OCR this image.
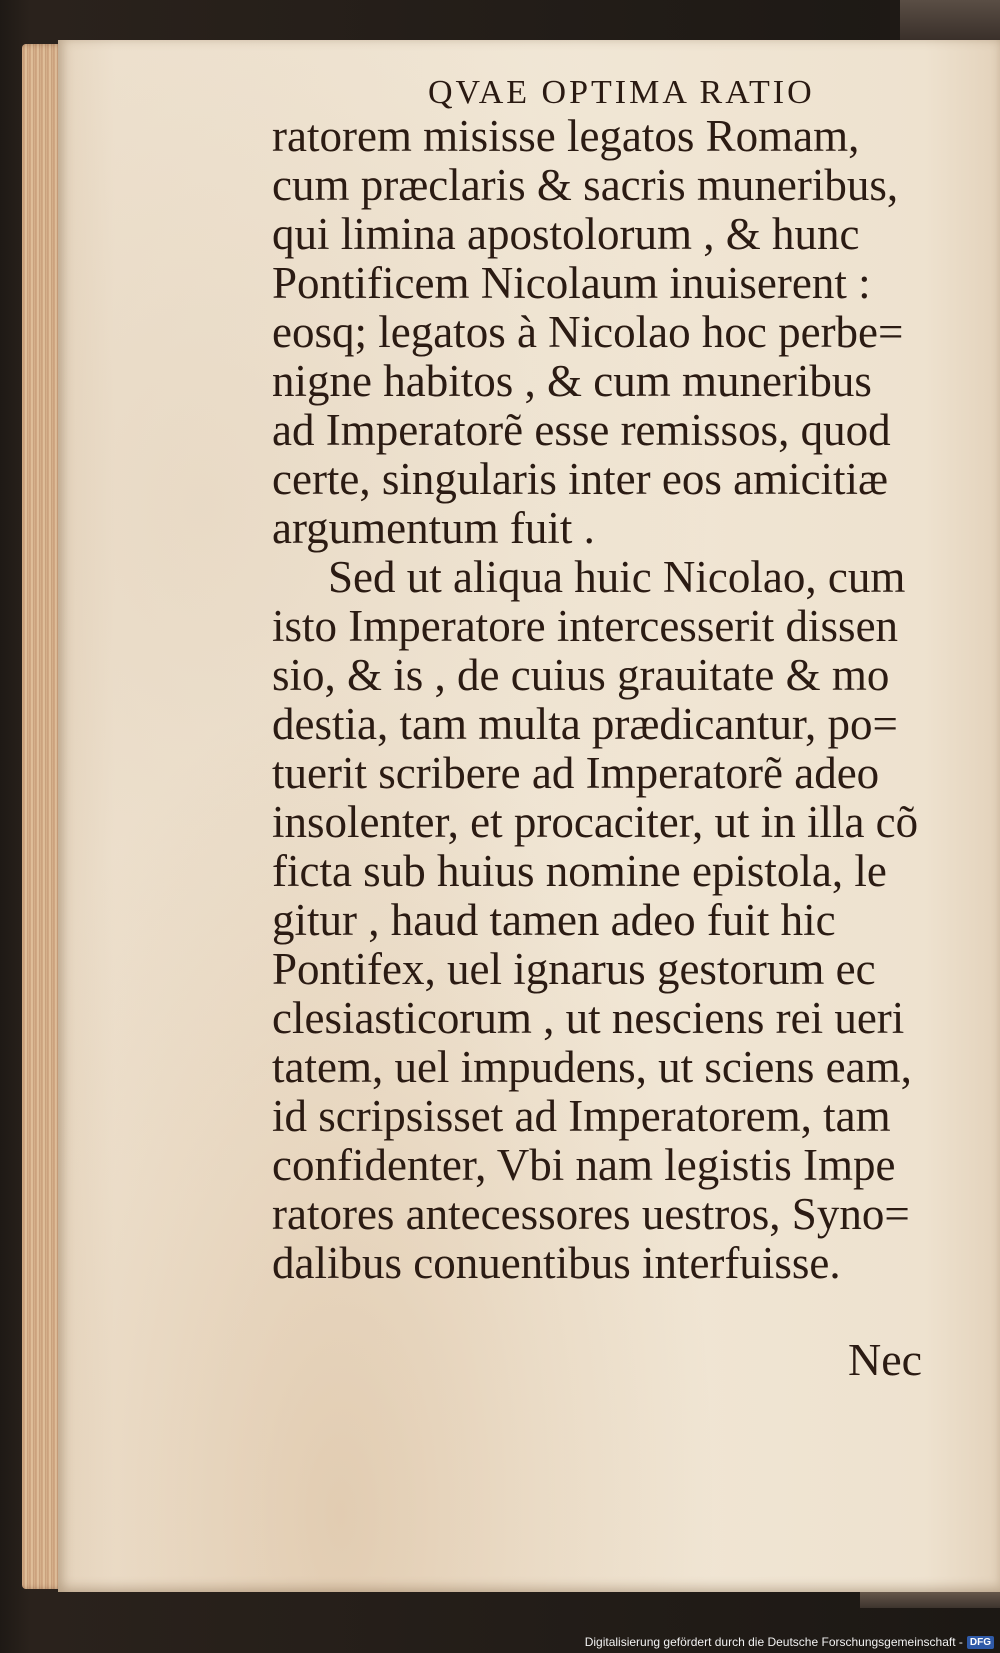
QVAE OPTIMA RATIO
ratorem misisse legatos Romam,
cum præclaris & sacris muneribus,
qui limina apostolorum , & hunc
Pontificem Nicolaum inuiserent :
eosq; legatos à Nicolao hoc perbe=
nigne habitos , & cum muneribus
ad Imperatorẽ esse remissos, quod
certe, singularis inter eos amicitiæ
argumentum fuit .
Sed ut aliqua huic Nicolao, cum
isto Imperatore intercesserit dissen
sio, & is , de cuius grauitate & mo
destia, tam multa prædicantur, po=
tuerit scribere ad Imperatorẽ adeo
insolenter, et procaciter, ut in illa cõ
ficta sub huius nomine epistola, le
gitur , haud tamen adeo fuit hic
Pontifex, uel ignarus gestorum ec
clesiasticorum , ut nesciens rei ueri
tatem, uel impudens, ut sciens eam,
id scripsisset ad Imperatorem, tam
confidenter, Vbi nam legistis Impe
ratores antecessores uestros, Syno=
dalibus conuentibus interfuisse.
Nec
Digitalisierung gefördert durch die Deutsche Forschungsgemeinschaft - DFG
